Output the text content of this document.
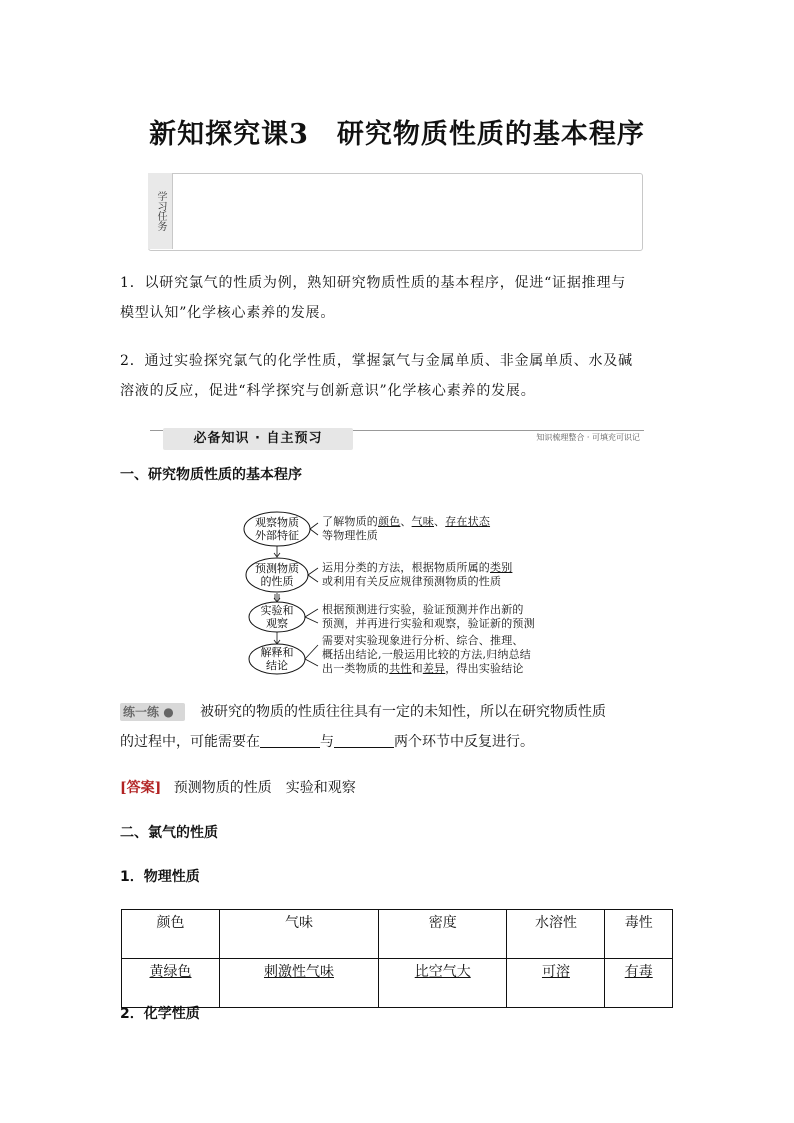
新知探究课3　研究物质性质的基本程序
学习任务
1．以研究氯气的性质为例，熟知研究物质性质的基本程序，促进“证据推理与
模型认知”化学核心素养的发展。
2．通过实验探究氯气的化学性质，掌握氯气与金属单质、非金属单质、水及碱
溶液的反应，促进“科学探究与创新意识”化学核心素养的发展。
必备知识 · 自主预习	知识梳理整合 · 可填充可识记
一、研究物质性质的基本程序
观察物质
外部特征
预测物质
的性质
实验和
观察
解释和
结论
了解物质的颜色、气味、存在状态
等物理性质
运用分类的方法，根据物质所属的类别
或利用有关反应规律预测物质的性质
根据预测进行实验，验证预测并作出新的
预测，并再进行实验和观察，验证新的预测
需要对实验现象进行分析、综合、推理、
概括出结论,一般运用比较的方法,归纳总结
出一类物质的共性和差异，得出实验结论
练一练 ●	被研究的物质的性质往往具有一定的未知性，所以在研究物质性质
的过程中，可能需要在	与	两个环节中反复进行。
[答案] 预测物质的性质　实验和观察
二、氯气的性质
1．物理性质
颜色	气味	密度	水溶性	毒性
黄绿色	刺激性气味	比空气大	可溶	有毒
2．化学性质
